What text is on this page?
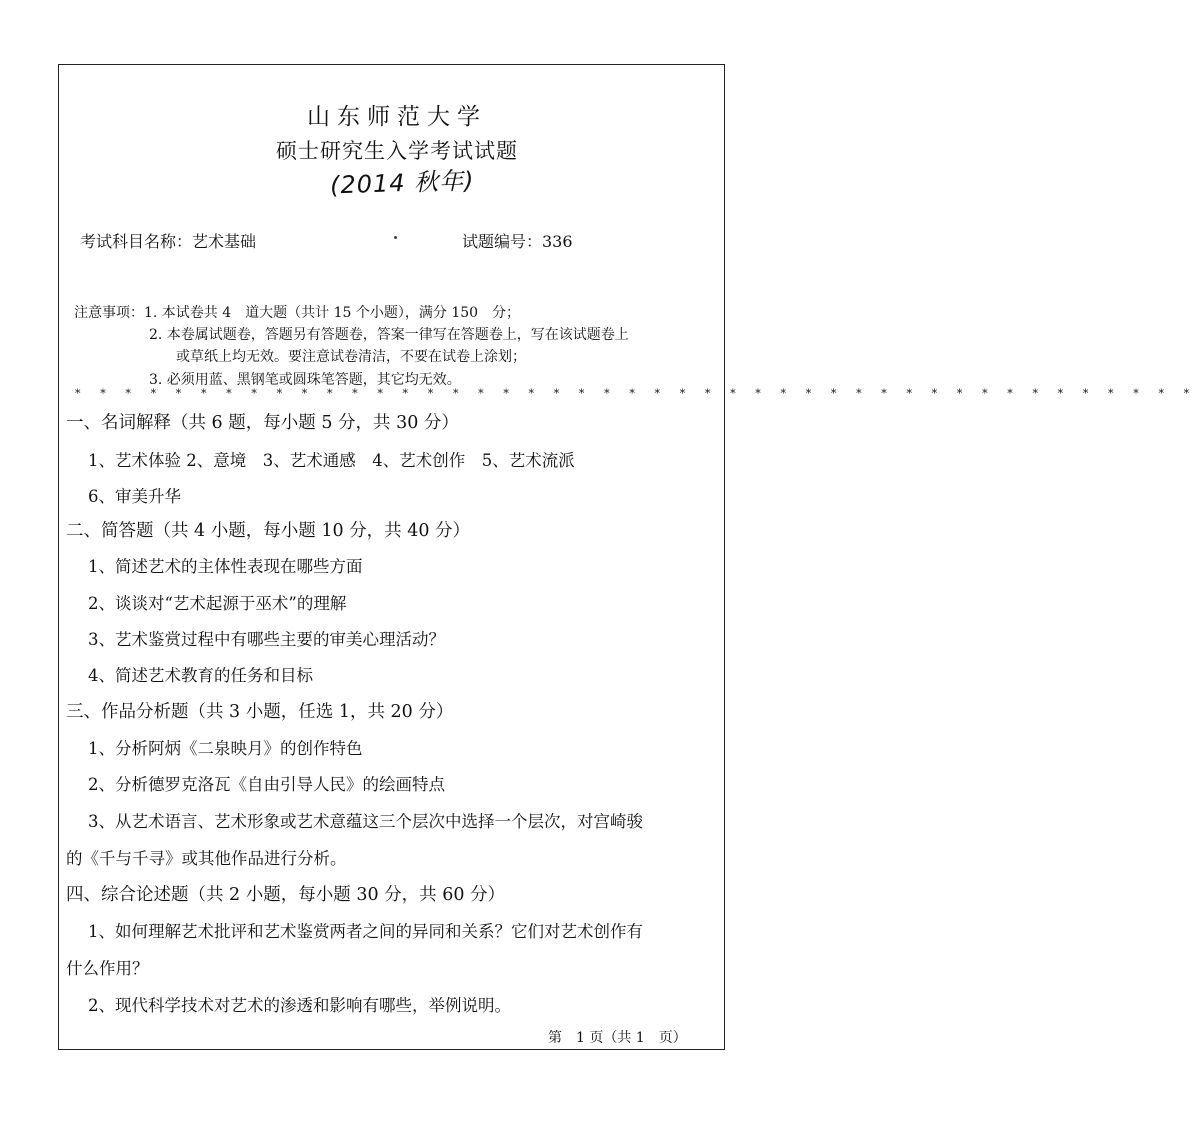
山东师范大学
硕士研究生入学考试试题
(2014 秋年)
考试科目名称：艺术基础	试题编号：336
注意事项：1. 本试卷共 4　道大题（共计 15 个小题），满分 150　分；
2. 本卷属试题卷，答题另有答题卷，答案一律写在答题卷上，写在该试题卷上
或草纸上均无效。要注意试卷清洁，不要在试卷上涂划；
3. 必须用蓝、黑钢笔或圆珠笔答题，其它均无效。
* * * * * * * * * * * * * * * * * * * * * * * * * * * * * * * * * * * * * * * * * * * * *
一、名词解释（共 6 题，每小题 5 分，共 30 分）
1、艺术体验 2、意境　3、艺术通感　4、艺术创作　5、艺术流派
6、审美升华
二、简答题（共 4 小题，每小题 10 分，共 40 分）
1、简述艺术的主体性表现在哪些方面
2、谈谈对“艺术起源于巫术”的理解
3、艺术鉴赏过程中有哪些主要的审美心理活动？
4、简述艺术教育的任务和目标
三、作品分析题（共 3 小题，任选 1，共 20 分）
1、分析阿炳《二泉映月》的创作特色
2、分析德罗克洛瓦《自由引导人民》的绘画特点
3、从艺术语言、艺术形象或艺术意蕴这三个层次中选择一个层次，对宫崎骏
的《千与千寻》或其他作品进行分析。
四、综合论述题（共 2 小题，每小题 30 分，共 60 分）
1、如何理解艺术批评和艺术鉴赏两者之间的异同和关系？它们对艺术创作有
什么作用？
2、现代科学技术对艺术的渗透和影响有哪些，举例说明。
第　1 页（共 1　页）
